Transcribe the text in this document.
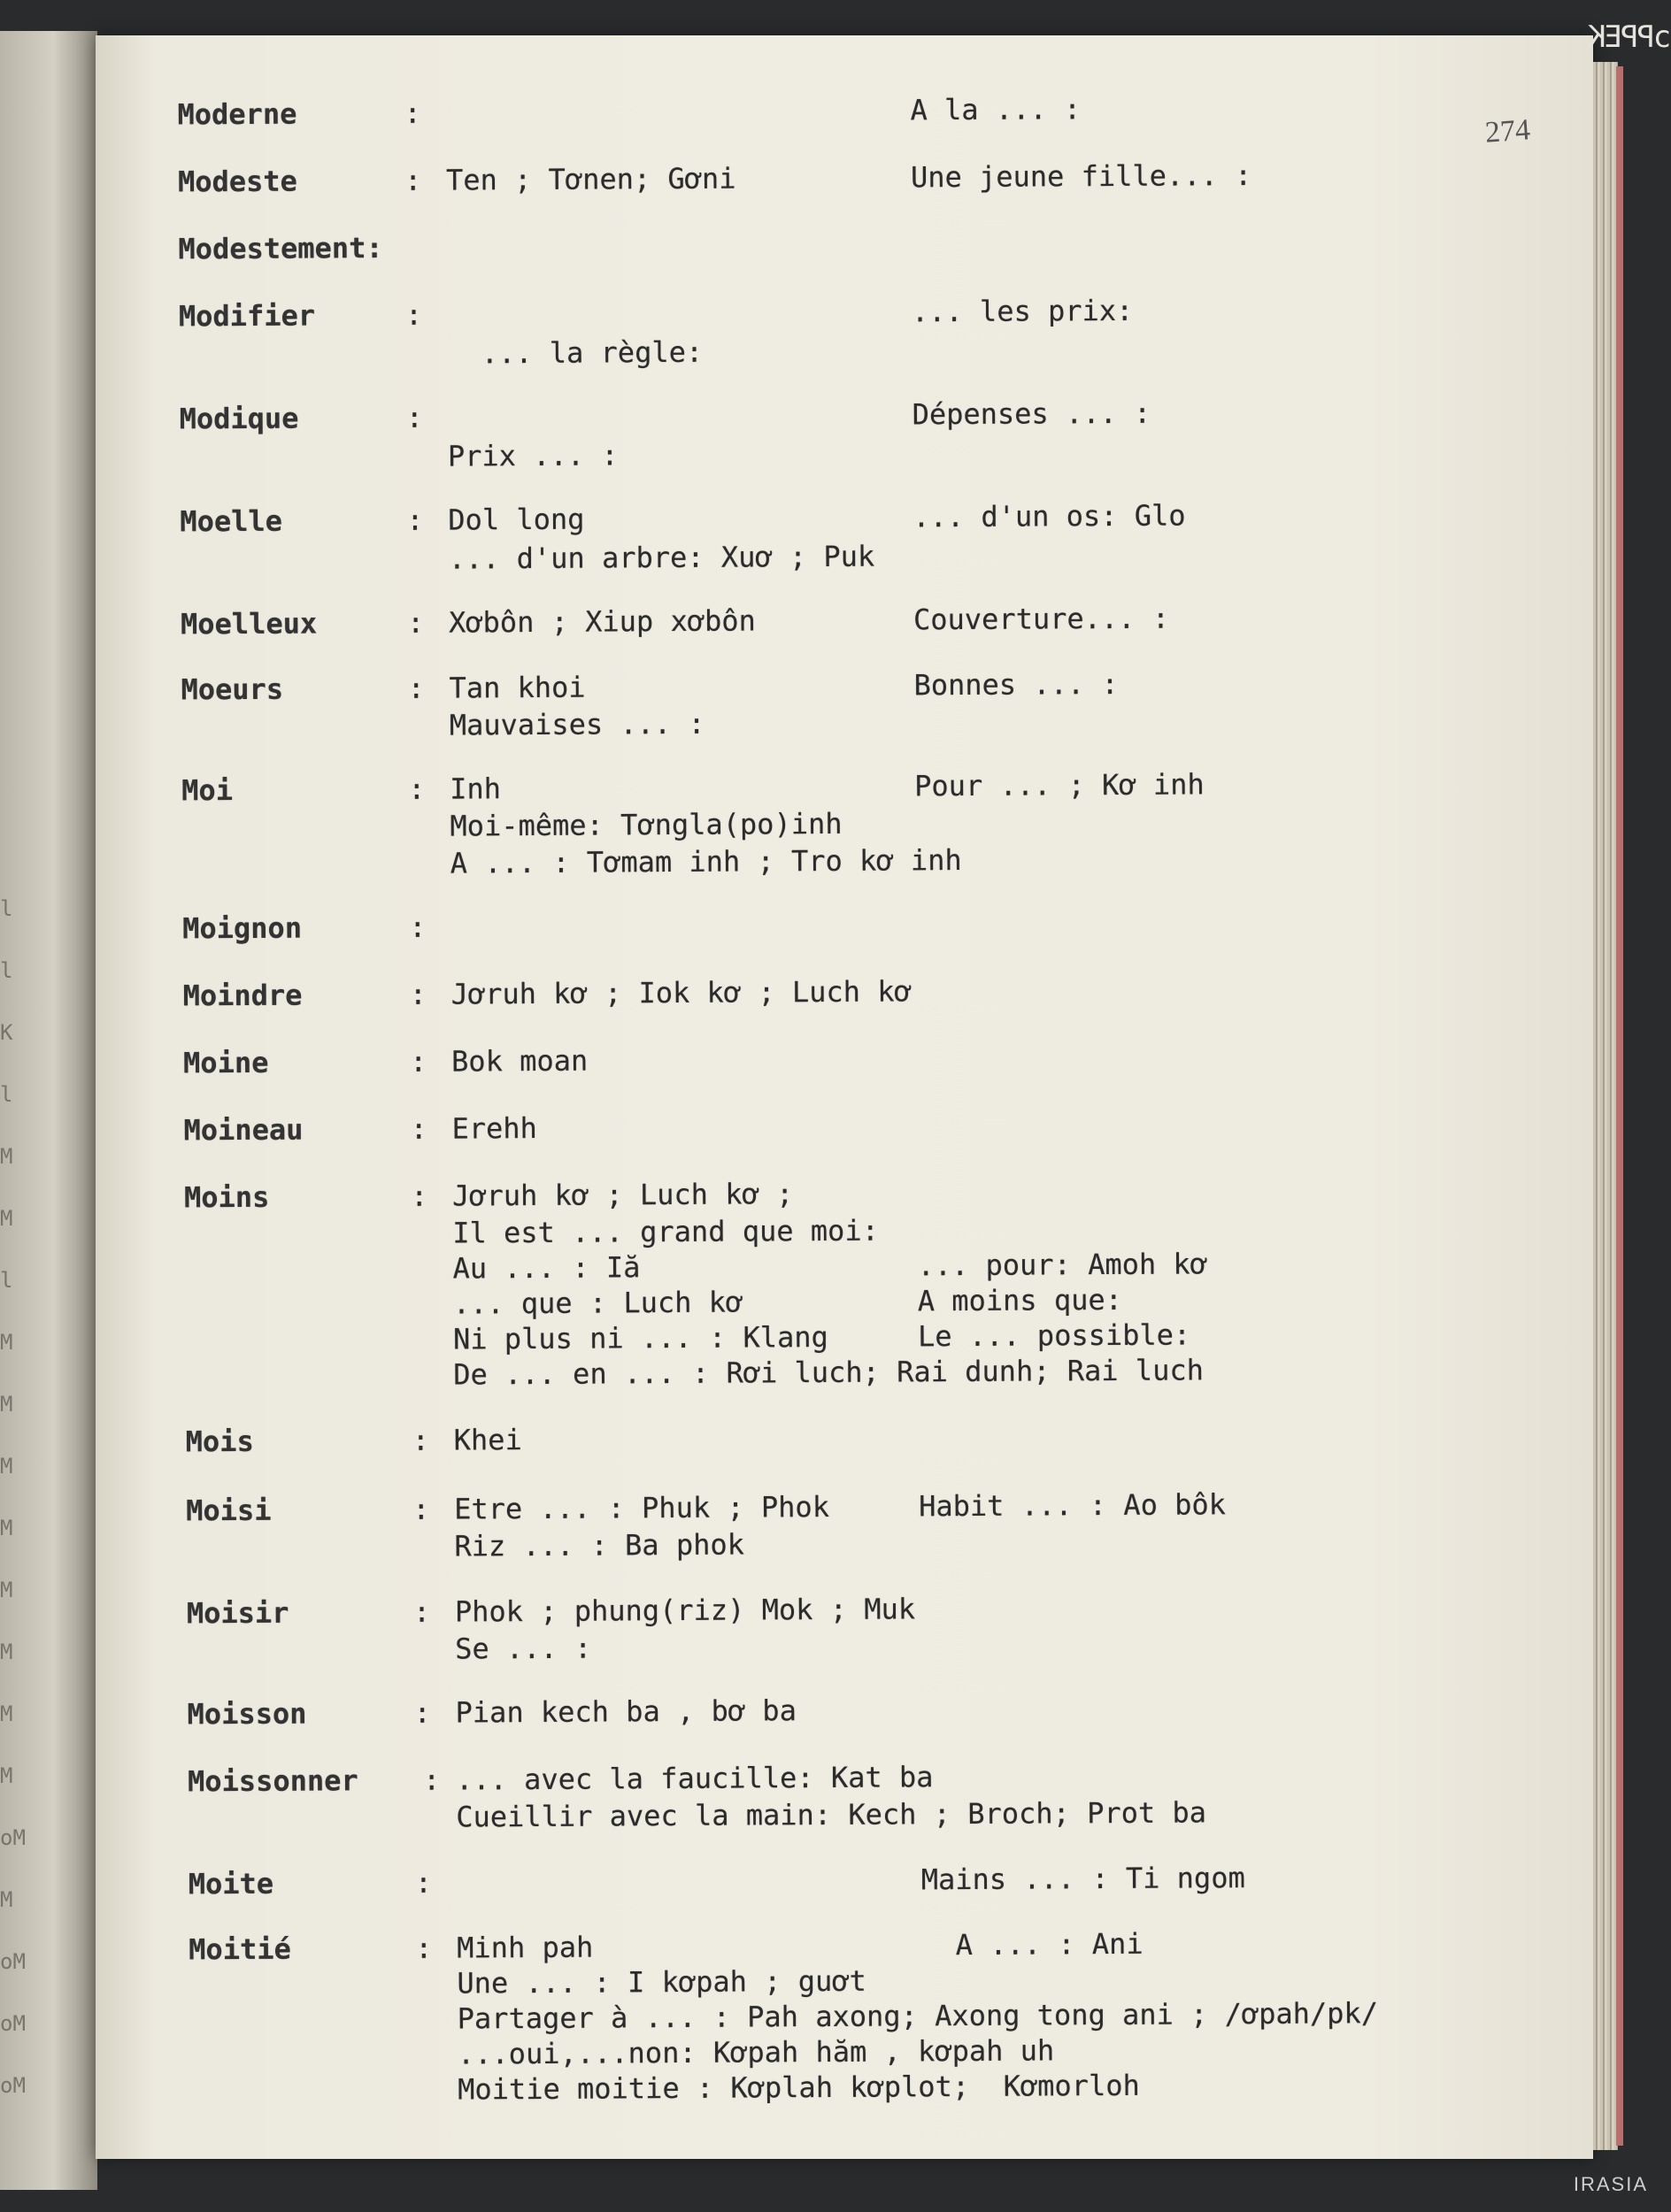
l
l
K
l
M
M
l
M
M
M
M
M
M
M
M
oM
M
oM
oM
oM
274
Moderne	:	A la ... :
Modeste	: Ten ; Tơnen; Gơni	Une jeune fille... :
Modestement:
Modifier	:	... les prix:
... la règle:
Modique	:	Dépenses ... :
Prix ... :
Moelle	: Dol long	... d'un os: Glo
... d'un arbre: Xuơ ; Puk
Moelleux	: Xơbôn ; Xiup xơbôn	Couverture... :
Moeurs	: Tan khoi	Bonnes ... :
Mauvaises ... :
Moi	: Inh	Pour ... ; Kơ inh
Moi-même: Tơngla(po)inh
A ... : Tơmam inh ; Tro kơ inh
Moignon	:
Moindre	: Jơruh kơ ; Iok kơ ; Luch kơ
Moine	: Bok moan
Moineau	: Erehh
Moins	: Jơruh kơ ; Luch kơ ;
Il est ... grand que moi:
Au ... : Iă	... pour: Amoh kơ
... que : Luch kơ	A moins que:
Ni plus ni ... : Klang	Le ... possible:
De ... en ... : Rơi luch; Rai dunh; Rai luch
Mois	: Khei
Moisi	: Etre ... : Phuk ; Phok	Habit ... : Ao bôk
Riz ... : Ba phok
Moisir	: Phok ; phung(riz) Mok ; Muk
Se ... :
Moisson	: Pian kech ba , bơ ba
Moissonner : ... avec la faucille: Kat ba
Cueillir avec la main: Kech ; Broch; Prot ba
Moite	:	Mains ... : Ti ngom
Moitié	: Minh pah	A ... : Ani
Une ... : I kơpah ; guơt
Partager à ... : Pah axong; Axong tong ani ; /ơpah/pk/
...oui,...non: Kơpah hăm , kơpah uh
Moitie moitie : Kơplah kơplot;  Kơmorloh
ɔPPEK
IRASIA
